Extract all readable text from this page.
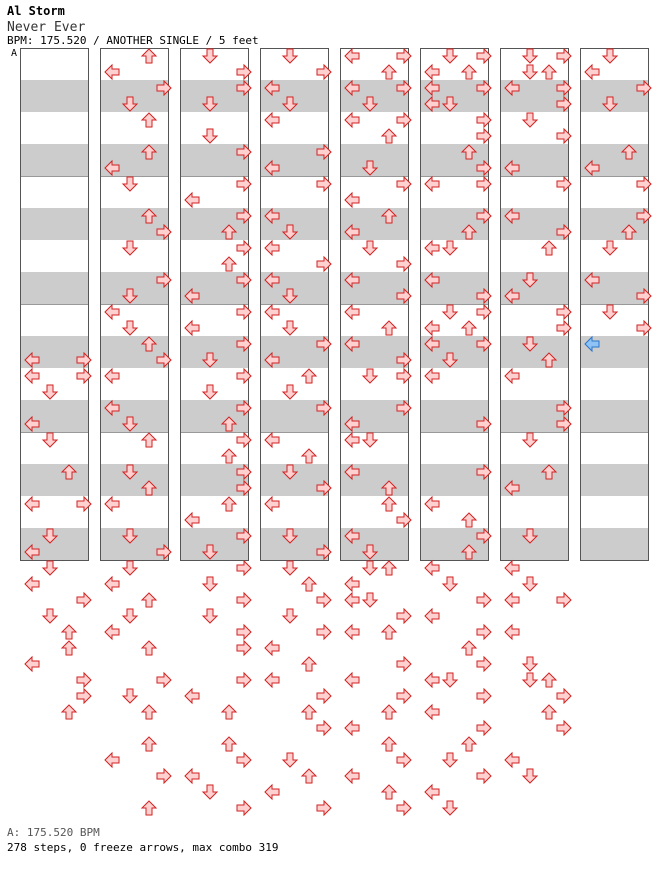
Al Storm
Never Ever
BPM: 175.520 / ANOTHER SINGLE / 5 feet
A
A: 175.520 BPM
278 steps, 0 freeze arrows, max combo 319
